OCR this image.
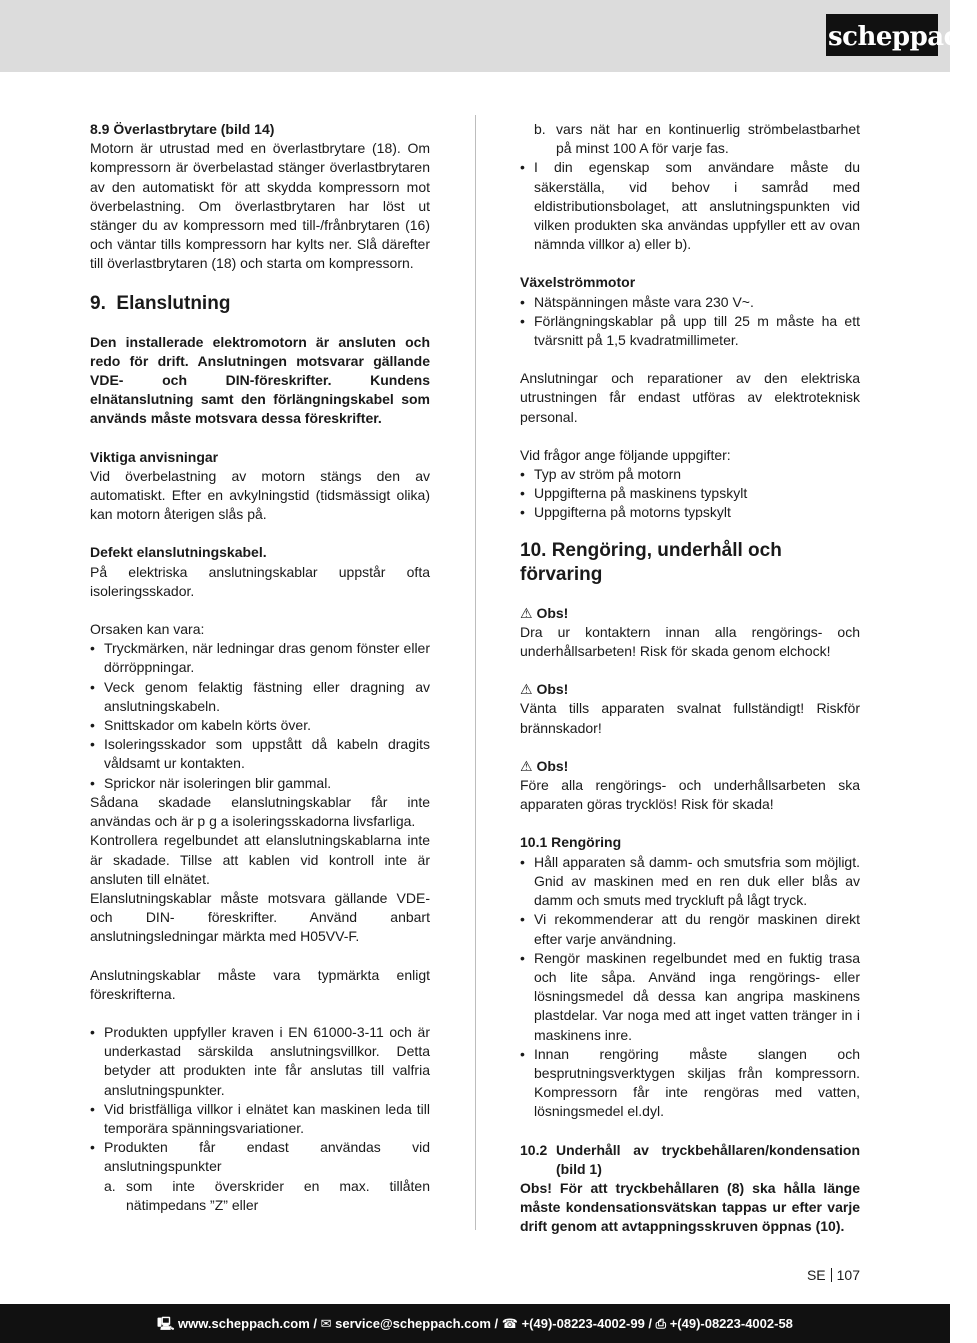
scheppach

8.9 Överlastbrytare (bild 14)

Motorn är utrustad med en överlastbrytare (18). Om kompressorn är överbelastad stänger överlastbrytaren av den automatiskt för att skydda kompressorn mot överbelastning. Om överlastbrytaren har löst ut stänger du av kompressorn med till-/frånbrytaren (16) och väntar tills kompressorn har kylts ner. Slå därefter till överlastbrytaren (18) och starta om kompressorn.

9. Elanslutning

Den installerade elektromotorn är ansluten och redo för drift. Anslutningen motsvarar gällande VDE- och DIN-föreskrifter. Kundens elnätanslutning samt den förlängningskabel som används måste motsvara dessa föreskrifter.

Viktiga anvisningar

Vid överbelastning av motorn stängs den av automatiskt. Efter en avkylningstid (tidsmässigt olika) kan motorn återigen slås på.

Defekt elanslutningskabel.

På elektriska anslutningskablar uppstår ofta isoleringsskador.

Orsaken kan vara:

• Tryckmärken, när ledningar dras genom fönster eller dörröppningar.
• Veck genom felaktig fästning eller dragning av anslutningskabeln.
• Snittskador om kabeln körts över.
• Isoleringsskador som uppstått då kabeln dragits våldsamt ur kontakten.
• Sprickor när isoleringen blir gammal.

Sådana skadade elanslutningskablar får inte användas och är p g a isoleringsskadorna livsfarliga.

Kontrollera regelbundet att elanslutningskablarna inte är skadade. Tillse att kablen vid kontroll inte är ansluten till elnätet.

Elanslutningskablar måste motsvara gällande VDE- och DIN- föreskrifter. Använd anbart anslutningsledningar märkta med H05VV-F.

Anslutningskablar måste vara typmärkta enligt föreskrifterna.

• Produkten uppfyller kraven i EN 61000-3-11 och är underkastad särskilda anslutningsvillkor. Detta betyder att produkten inte får anslutas till valfria anslutningspunkter.
• Vid bristfälliga villkor i elnätet kan maskinen leda till temporära spänningsvariationer.
• Produkten får endast användas vid anslutningspunkter
a. som inte överskrider en max. tillåten nätimpedans ”Z” eller
b. vars nät har en kontinuerlig strömbelastbarhet på minst 100 A för varje fas.
• I din egenskap som användare måste du säkerställa, vid behov i samråd med eldistributionsbolaget, att anslutningspunkten vid vilken produkten ska användas uppfyller ett av ovan nämnda villkor a) eller b).

Växelströmmotor

• Nätspänningen måste vara 230 V~.
• Förlängningskablar på upp till 25 m måste ha ett tvärsnitt på 1,5 kvadratmillimeter.

Anslutningar och reparationer av den elektriska utrustningen får endast utföras av elektroteknisk personal.

Vid frågor ange följande uppgifter:

• Typ av ström på motorn
• Uppgifterna på maskinens typskylt
• Uppgifterna på motorns typskylt
10. Rengöring, underhåll och förvaring

⚠ Obs!

Dra ur kontaktern innan alla rengörings- och underhållsarbeten! Risk för skada genom elchock!

⚠ Obs!

Vänta tills apparaten svalnat fullständigt! Riskför brännskador!

⚠ Obs!

Före alla rengörings- och underhållsarbeten ska apparaten göras trycklös! Risk för skada!

10.1 Rengöring

• Håll apparaten så damm- och smutsfria som möjligt. Gnid av maskinen med en ren duk eller blås av damm och smuts med tryckluft på lågt tryck.
• Vi rekommenderar att du rengör maskinen direkt efter varje användning.
• Rengör maskinen regelbundet med en fuktig trasa och lite såpa. Använd inga rengörings- eller lösningsmedel då dessa kan angripa maskinens plastdelar. Var noga med att inget vatten tränger in i maskinens inre.
• Innan rengöring måste slangen och besprutningsverktygen skiljas från kompressorn. Kompressorn får inte rengöras med vatten, lösningsmedel el.dyl.
10.2 Underhåll av tryckbehållaren/kondensation (bild 1)

Obs! För att tryckbehållaren (8) ska hålla länge måste kondensationsvätskan tappas ur efter varje drift genom att avtappningsskruven öppnas (10).

SE 107
🖳︎ www.scheppach.com / ✉︎ service@scheppach.com / ☎︎ +(49)-08223-4002-99 / ⎙ +(49)-08223-4002-58
